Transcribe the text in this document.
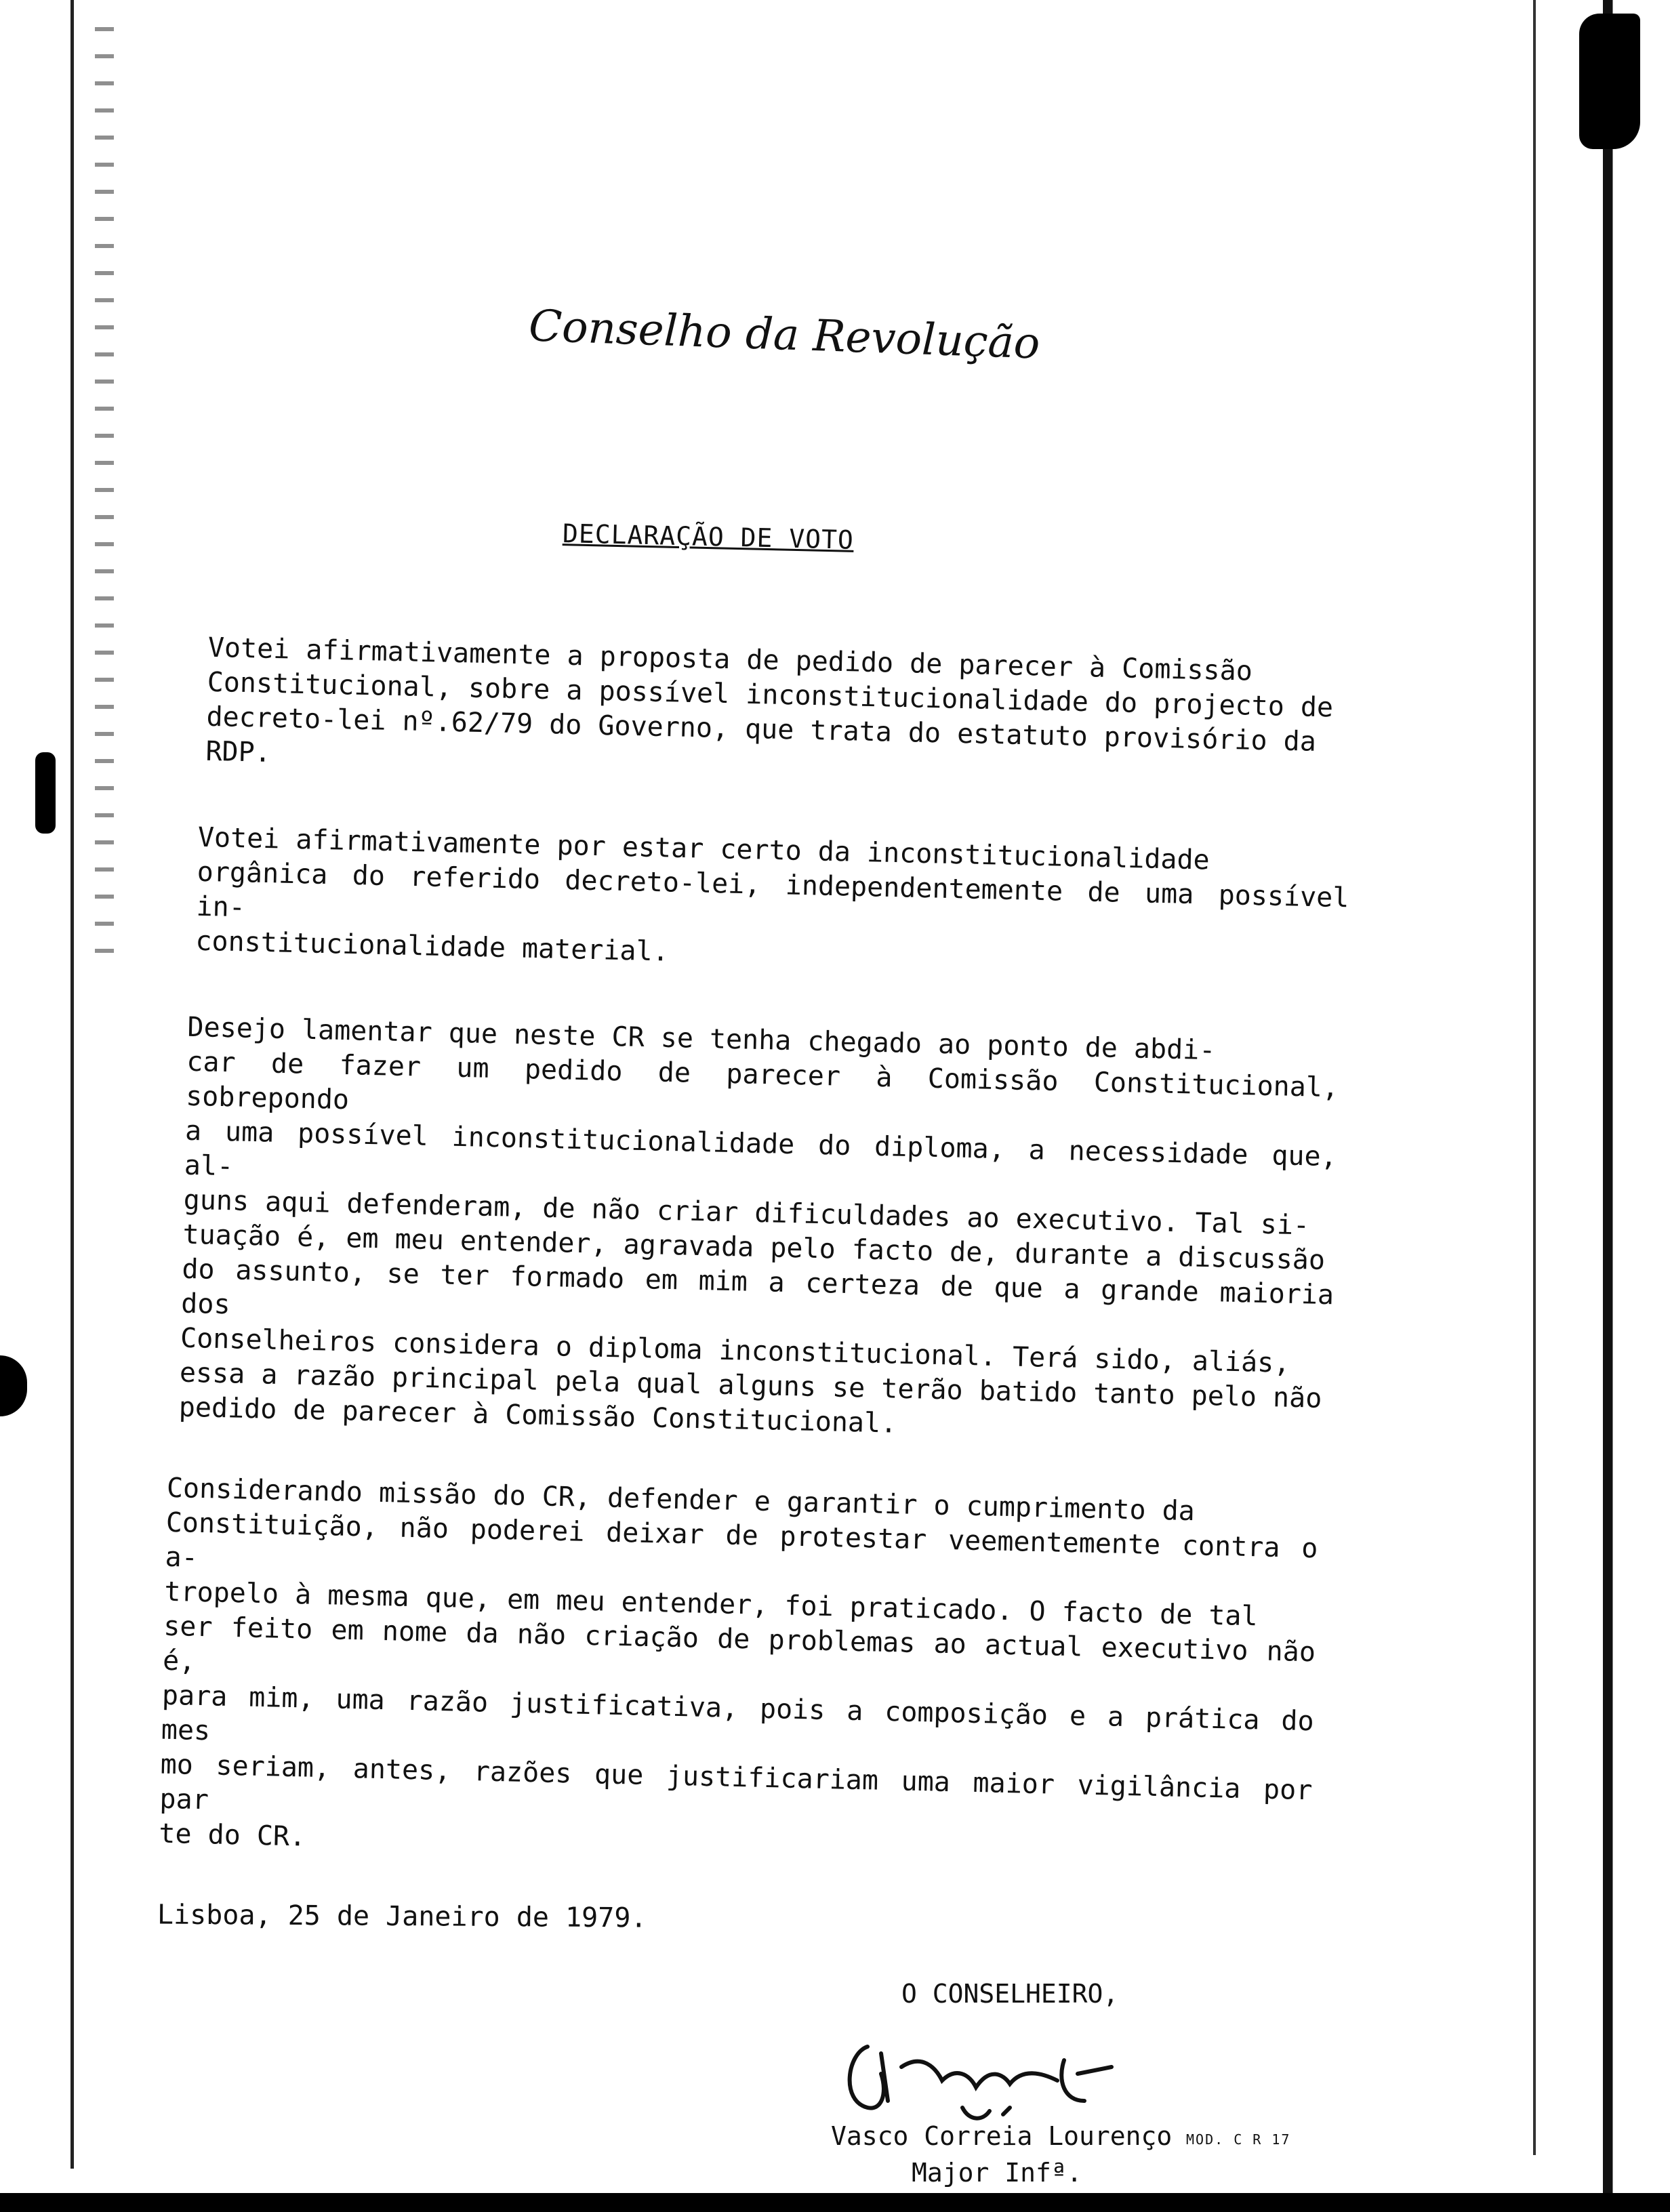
Conselho da Revolução
DECLARAÇÃO DE VOTO
Votei afirmativamente a proposta de pedido de parecer à Comissão
Constitucional, sobre a possível inconstitucionalidade do projecto de
decreto-lei nº.62/79 do Governo, que trata do estatuto provisório da
RDP.
Votei afirmativamente por estar certo da inconstitucionalidade
orgânica do referido decreto-lei, independentemente de uma possível in-
constitucionalidade material.
Desejo lamentar que neste CR se tenha chegado ao ponto de abdi-
car de fazer um pedido de parecer à Comissão Constitucional, sobrepondo
a uma possível inconstitucionalidade do diploma, a necessidade que, al-
guns aqui defenderam, de não criar dificuldades ao executivo. Tal si-
tuação é, em meu entender, agravada pelo facto de, durante a discussão
do assunto, se ter formado em mim a certeza de que a grande maioria dos
Conselheiros considera o diploma inconstitucional. Terá sido, aliás,
essa a razão principal pela qual alguns se terão batido tanto pelo não
pedido de parecer à Comissão Constitucional.
Considerando missão do CR, defender e garantir o cumprimento da
Constituição, não poderei deixar de protestar veementemente contra o a-
tropelo à mesma que, em meu entender, foi praticado. O facto de tal
ser feito em nome da não criação de problemas ao actual executivo não é,
para mim, uma razão justificativa, pois a composição e a prática do mes
mo seriam, antes, razões que justificariam uma maior vigilância por par
te do CR.
Lisboa, 25 de Janeiro de 1979.
O CONSELHEIRO,
Vasco Correia Lourenço MOD. C R 17
Major Infª.
